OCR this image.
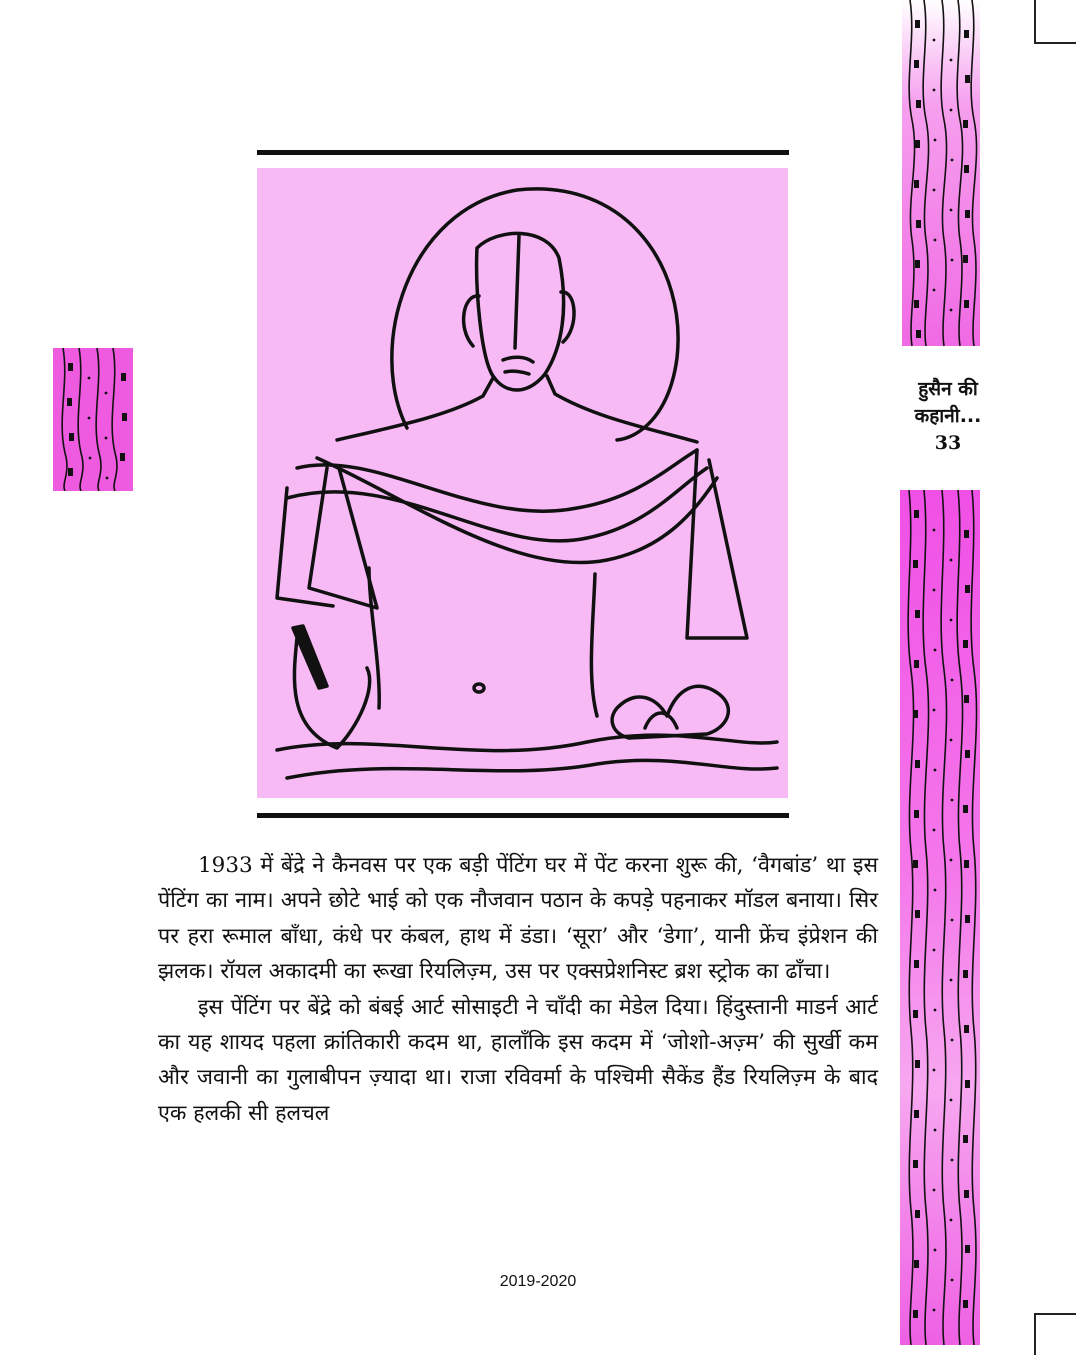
हुसैन की
कहानी...
33

1933 में बेंद्रे ने कैनवस पर एक बड़ी पेंटिंग घर में पेंट करना शुरू की, ‘वैगबांड’ था इस पेंटिंग का नाम। अपने छोटे भाई को एक नौजवान पठान के कपड़े पहनाकर मॉडल बनाया। सिर पर हरा रूमाल बाँधा, कंधे पर कंबल, हाथ में डंडा। ‘सूरा’ और ‘डेगा’, यानी फ्रेंच इंप्रेशन की झलक। रॉयल अकादमी का रूखा रियलिज़्म, उस पर एक्सप्रेशनिस्ट ब्रश स्ट्रोक का ढाँचा।

इस पेंटिंग पर बेंद्रे को बंबई आर्ट सोसाइटी ने चाँदी का मेडेल दिया। हिंदुस्तानी माडर्न आर्ट का यह शायद पहला क्रांतिकारी कदम था, हालाँकि इस कदम में ‘जोशो-अज़्म’ की सुर्खी कम और जवानी का गुलाबीपन ज़्यादा था। राजा रविवर्मा के पश्चिमी सैकेंड हैंड रियलिज़्म के बाद एक हलकी सी हलचल

2019-2020
